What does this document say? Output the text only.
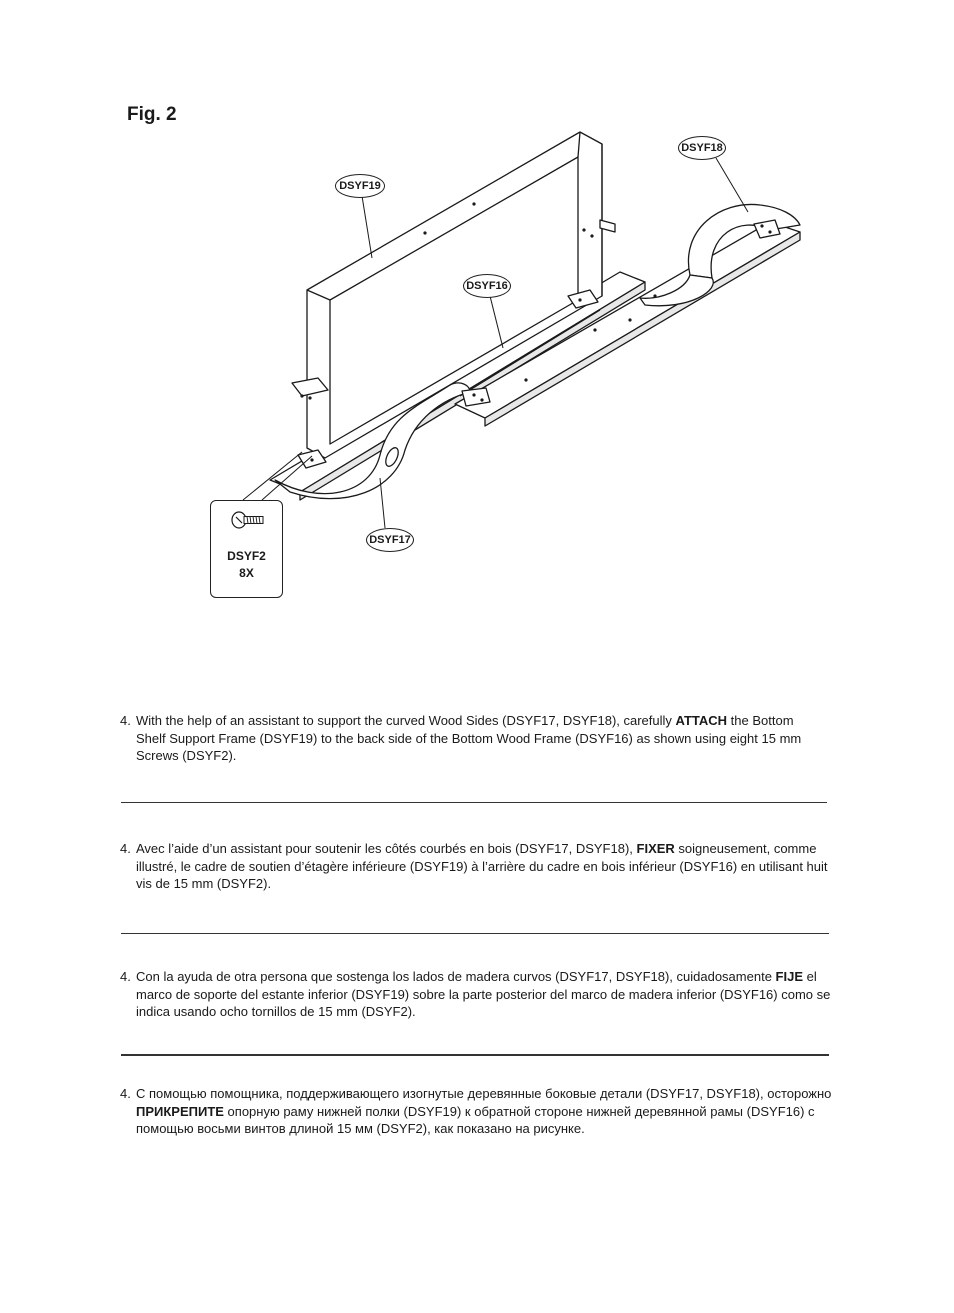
Fig. 2
DSYF19
DSYF18
DSYF16
DSYF17
DSYF2
8X
4. With the help of an assistant to support the curved Wood Sides (DSYF17, DSYF18), carefully ATTACH the Bottom Shelf Support Frame (DSYF19) to the back side of the Bottom Wood Frame (DSYF16) as shown using eight 15 mm Screws (DSYF2).
4. Avec l’aide d’un assistant pour soutenir les côtés courbés en bois (DSYF17, DSYF18), FIXER soigneusement, comme illustré, le cadre de soutien d’étagère inférieure (DSYF19) à l’arrière du cadre en bois inférieur (DSYF16) en utilisant huit vis de 15 mm (DSYF2).
4. Con la ayuda de otra persona que sostenga los lados de madera curvos (DSYF17, DSYF18), cuidadosamente FIJE el marco de soporte del estante inferior (DSYF19) sobre la parte posterior del marco de madera inferior (DSYF16) como se indica usando ocho tornillos de 15 mm (DSYF2).
4. С помощью помощника, поддерживающего изогнутые деревянные боковые детали (DSYF17, DSYF18), осторожно ПРИКРЕПИТЕ опорную раму нижней полки (DSYF19) к обратной стороне нижней деревянной рамы (DSYF16) с помощью восьми винтов длиной 15 мм (DSYF2), как показано на рисунке.
